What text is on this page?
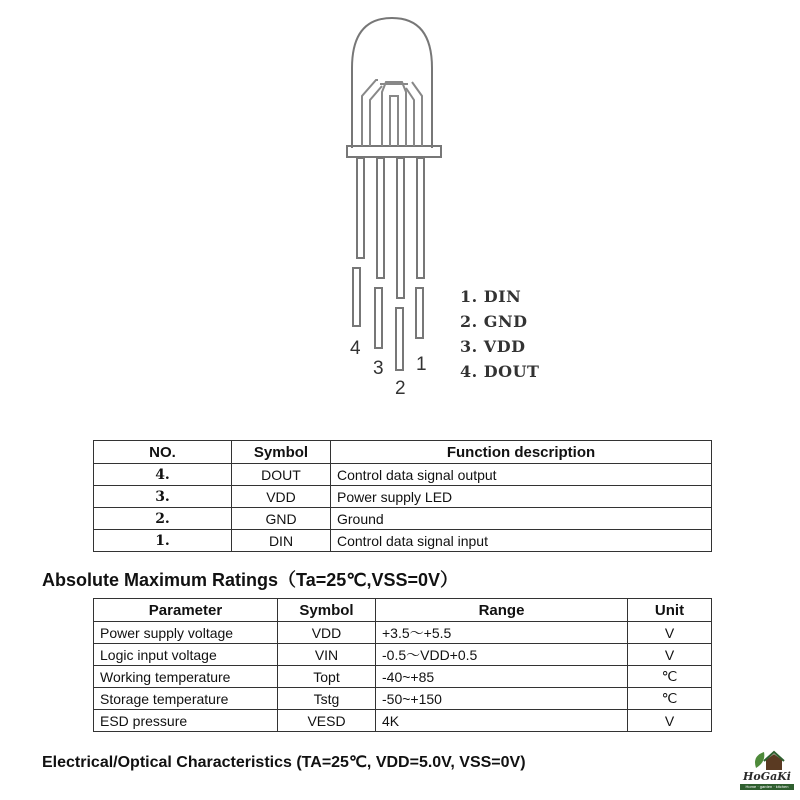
4
3
2
1
1. DIN
2. GND
3. VDD
4. DOUT
NO.	Symbol	Function description
4.	DOUT	Control data signal output
3.	VDD	Power supply LED
2.	GND	Ground
1.	DIN	Control data signal input
Absolute Maximum Ratings（Ta=25℃,VSS=0V）
Parameter	Symbol	Range	Unit
Power supply voltage	VDD	+3.5～+5.5	V
Logic input voltage	VIN	-0.5～VDD+0.5	V
Working temperature	Topt	-40~+85	℃
Storage temperature	Tstg	-50~+150	℃
ESD pressure	VESD	4K	V
Electrical/Optical Characteristics (TA=25℃, VDD=5.0V, VSS=0V)
HoGaKi
Home · garden · kitchen
